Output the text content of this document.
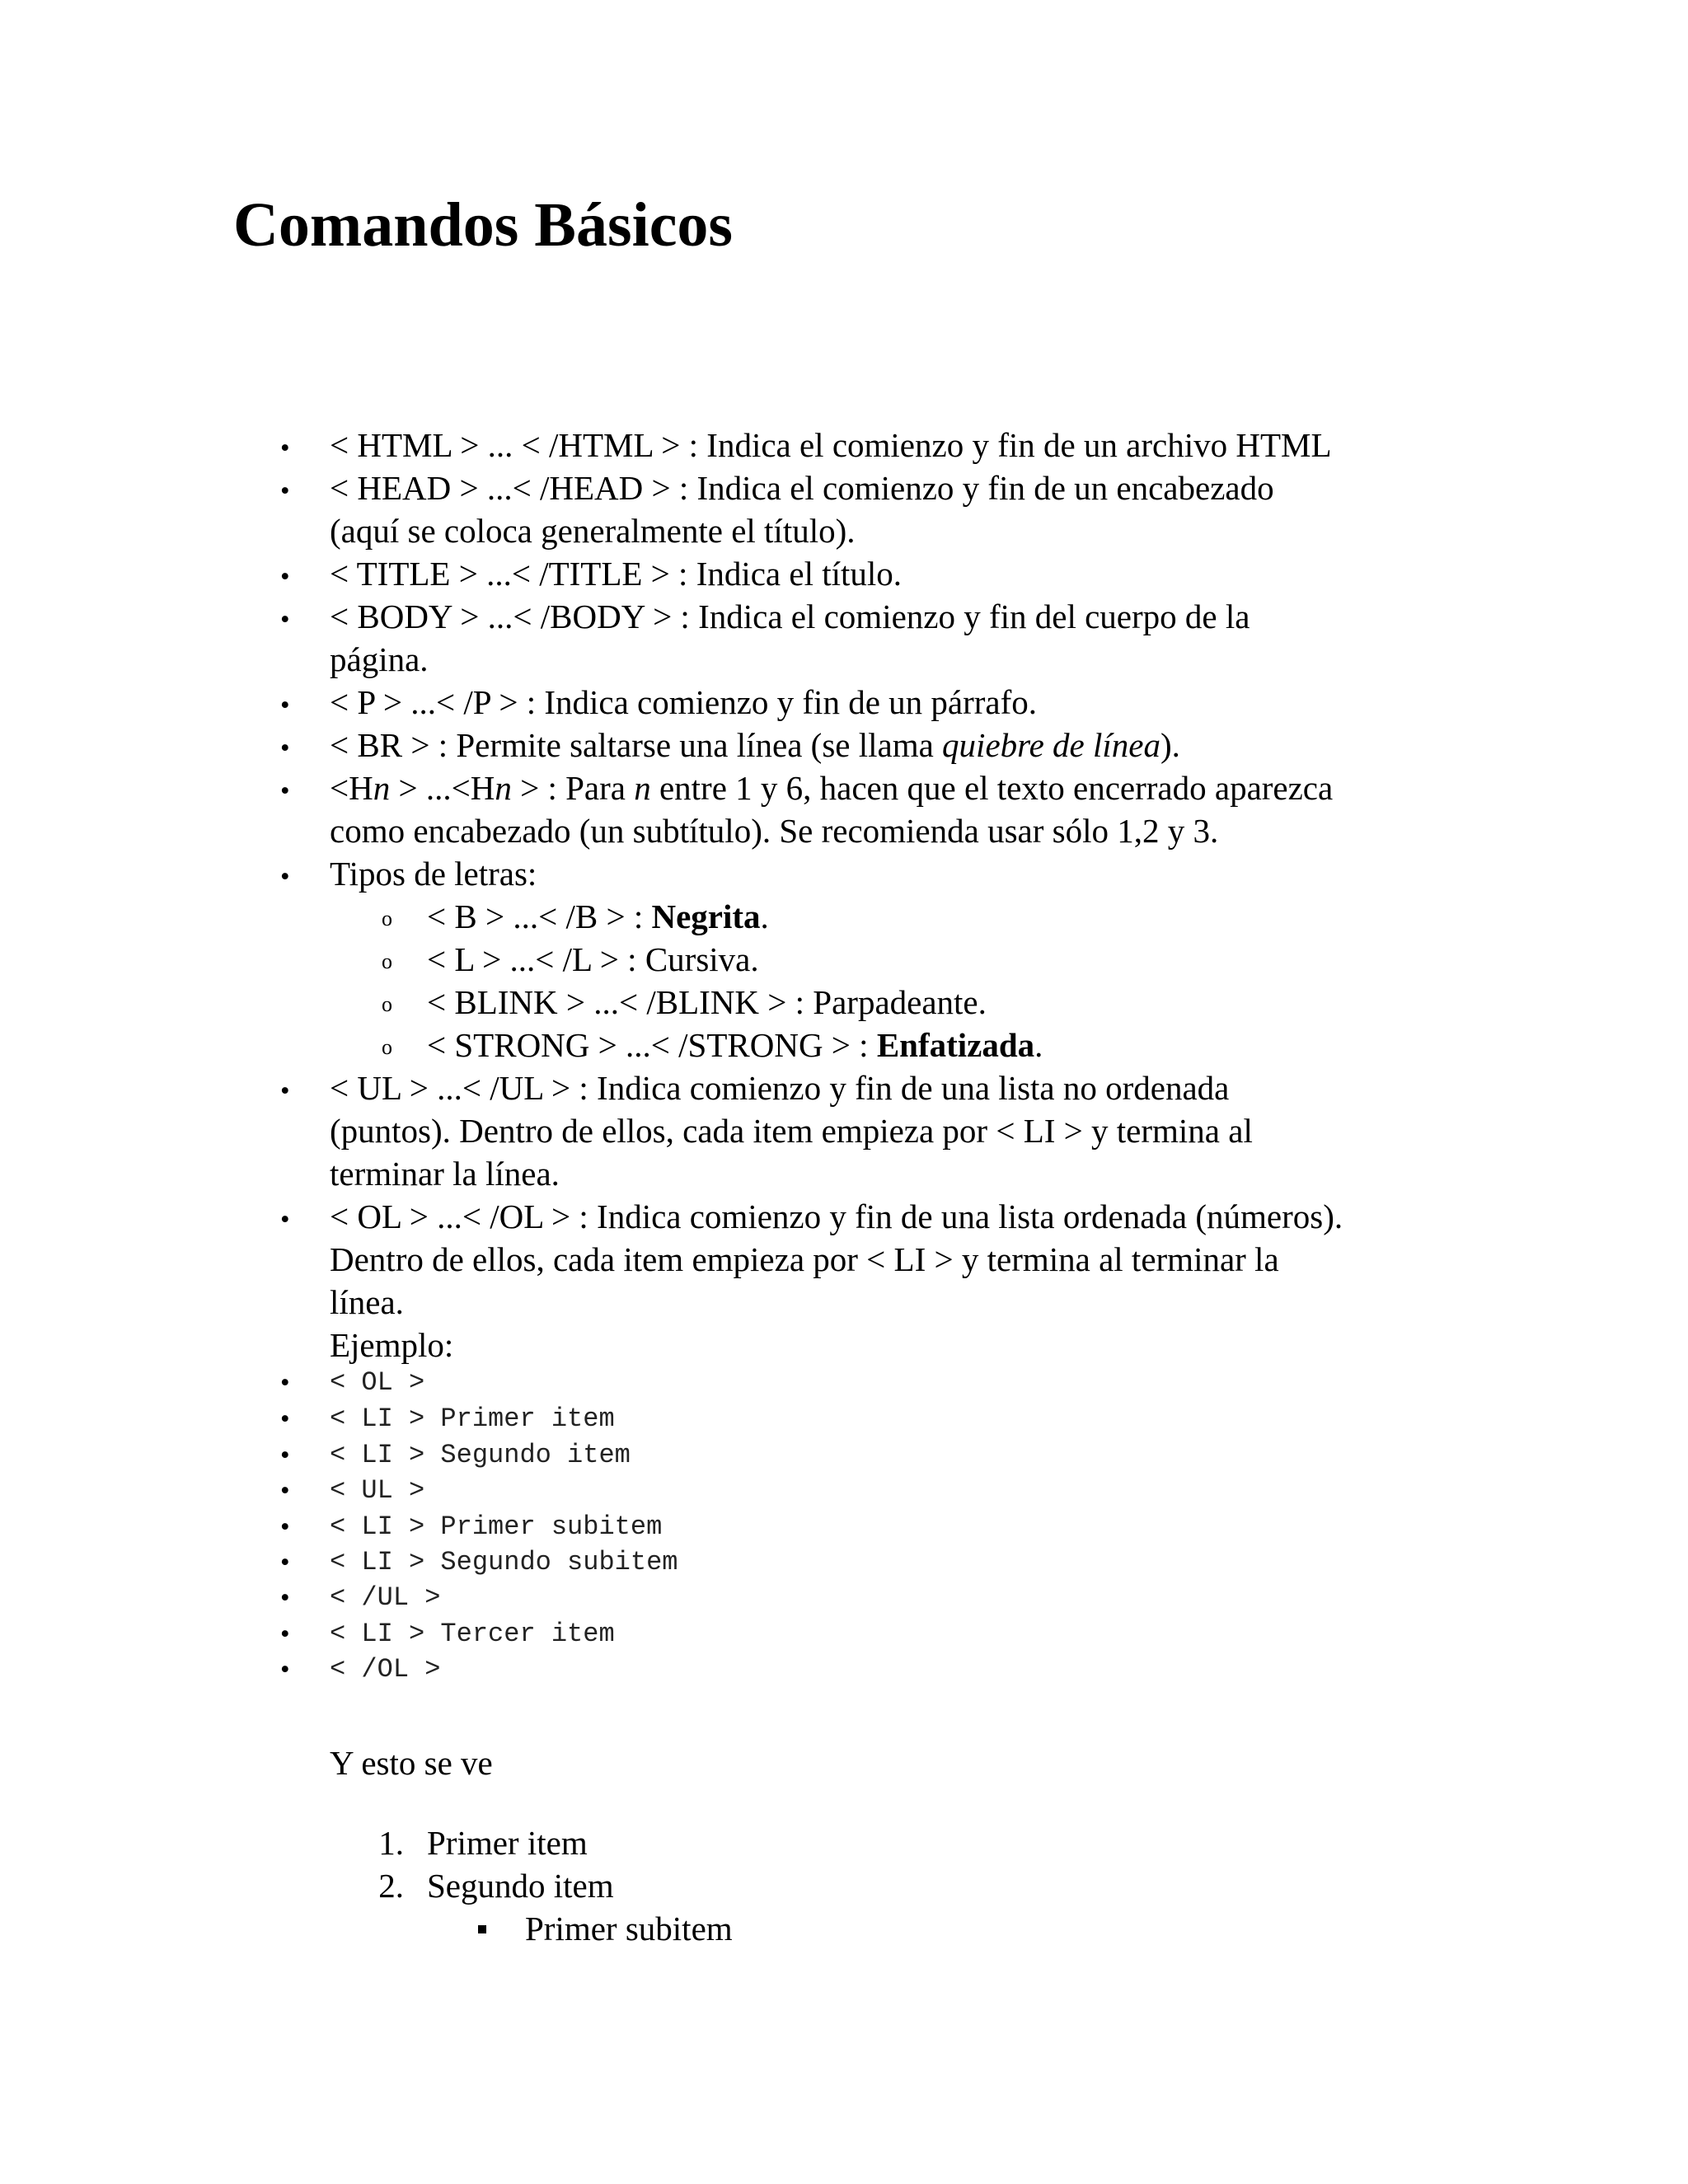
Comandos Básicos
• < HTML > ... < /HTML > : Indica el comienzo y fin de un archivo HTML
• < HEAD > ...< /HEAD > : Indica el comienzo y fin de un encabezado
(aquí se coloca generalmente el título).
• < TITLE > ...< /TITLE > : Indica el título.
• < BODY > ...< /BODY > : Indica el comienzo y fin del cuerpo de la
página.
• < P > ...< /P > : Indica comienzo y fin de un párrafo.
• < BR > : Permite saltarse una línea (se llama quiebre de línea).
• <Hn > ...<Hn > : Para n entre 1 y 6, hacen que el texto encerrado aparezca
como encabezado (un subtítulo). Se recomienda usar sólo 1,2 y 3.
• Tipos de letras:
o < B > ...< /B > : Negrita.
o < L > ...< /L > : Cursiva.
o < BLINK > ...< /BLINK > : Parpadeante.
o < STRONG > ...< /STRONG > : Enfatizada.
• < UL > ...< /UL > : Indica comienzo y fin de una lista no ordenada
(puntos). Dentro de ellos, cada item empieza por < LI > y termina al
terminar la línea.
• < OL > ...< /OL > : Indica comienzo y fin de una lista ordenada (números).
Dentro de ellos, cada item empieza por < LI > y termina al terminar la
línea.
Ejemplo:
• < OL >
• < LI > Primer item
• < LI > Segundo item
• < UL >
• < LI > Primer subitem
• < LI > Segundo subitem
• < /UL >
• < LI > Tercer item
• < /OL >
Y esto se ve
1. Primer item
2. Segundo item
Primer subitem
